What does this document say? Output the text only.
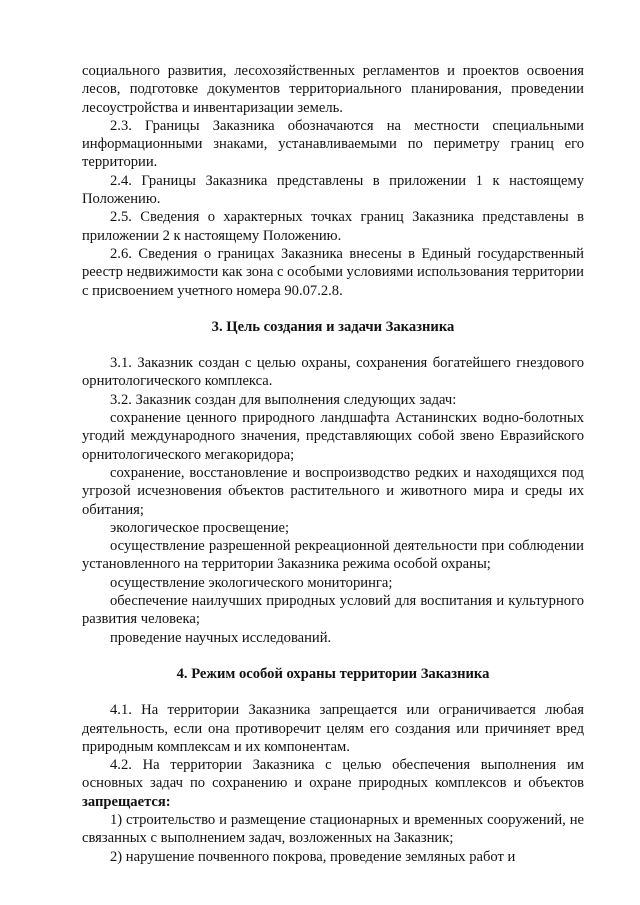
социального развития, лесохозяйственных регламентов и проектов освоения лесов, подготовке документов территориального планирования, проведении лесоустройства и инвентаризации земель.

2.3. Границы Заказника обозначаются на местности специальными информационными знаками, устанавливаемыми по периметру границ его территории.

2.4. Границы Заказника представлены в приложении 1 к настоящему Положению.

2.5. Сведения о характерных точках границ Заказника представлены в приложении 2 к настоящему Положению.

2.6. Сведения о границах Заказника внесены в Единый государственный реестр недвижимости как зона с особыми условиями использования территории с присвоением учетного номера 90.07.2.8.

3. Цель создания и задачи Заказника

3.1. Заказник создан с целью охраны, сохранения богатейшего гнездового орнитологического комплекса.

3.2. Заказник создан для выполнения следующих задач:

сохранение ценного природного ландшафта Астанинских водно-болотных угодий международного значения, представляющих собой звено Евразийского орнитологического мегакоридора;

сохранение, восстановление и воспроизводство редких и находящихся под угрозой исчезновения объектов растительного и животного мира и среды их обитания;

экологическое просвещение;

осуществление разрешенной рекреационной деятельности при соблюдении установленного на территории Заказника режима особой охраны;

осуществление экологического мониторинга;

обеспечение наилучших природных условий для воспитания и культурного развития человека;

проведение научных исследований.

4. Режим особой охраны территории Заказника

4.1. На территории Заказника запрещается или ограничивается любая деятельность, если она противоречит целям его создания или причиняет вред природным комплексам и их компонентам.

4.2. На территории Заказника с целью обеспечения выполнения им основных задач по сохранению и охране природных комплексов и объектов запрещается:

1) строительство и размещение стационарных и временных сооружений, не связанных с выполнением задач, возложенных на Заказник;

2) нарушение почвенного покрова, проведение земляных работ и
